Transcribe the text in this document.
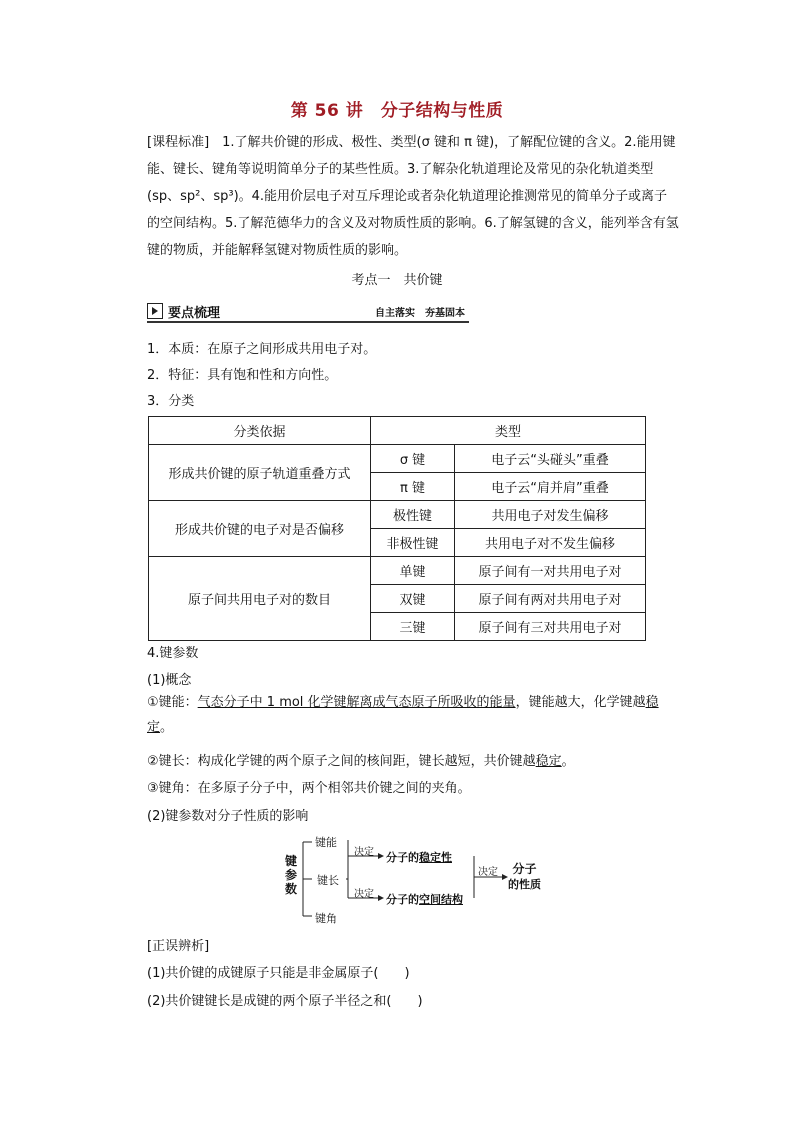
第 56 讲　分子结构与性质
[课程标准]　1.了解共价键的形成、极性、类型(σ 键和 π 键)，了解配位键的含义。2.能用键能、键长、键角等说明简单分子的某些性质。3.了解杂化轨道理论及常见的杂化轨道类型(sp、sp²、sp³)。4.能用价层电子对互斥理论或者杂化轨道理论推测常见的简单分子或离子的空间结构。5.了解范德华力的含义及对物质性质的影响。6.了解氢键的含义，能列举含有氢键的物质，并能解释氢键对物质性质的影响。
考点一　共价键
要点梳理	自主落实　夯基固本
1．本质：在原子之间形成共用电子对。
2．特征：具有饱和性和方向性。
3．分类
分类依据	类型	
形成共价键的原子轨道重叠方式	σ 键	电子云“头碰头”重叠
	π 键	电子云“肩并肩”重叠
形成共价键的电子对是否偏移	极性键	共用电子对发生偏移
	非极性键	共用电子对不发生偏移
原子间共用电子对的数目	单键	原子间有一对共用电子对
	双键	原子间有两对共用电子对
	三键	原子间有三对共用电子对
4.键参数
(1)概念
①键能：气态分子中 1 mol 化学键解离成气态原子所吸收的能量，键能越大，化学键越稳定。
②键长：构成化学键的两个原子之间的核间距，键长越短，共价键越稳定。
③键角：在多原子分子中，两个相邻共价键之间的夹角。
(2)键参数对分子性质的影响
键
参
数
键能
键长
键角
决定
决定
分子的稳定性
分子的空间结构
决定	分子
的性质
[正误辨析]
(1)共价键的成键原子只能是非金属原子(　　)
(2)共价键键长是成键的两个原子半径之和(　　)
